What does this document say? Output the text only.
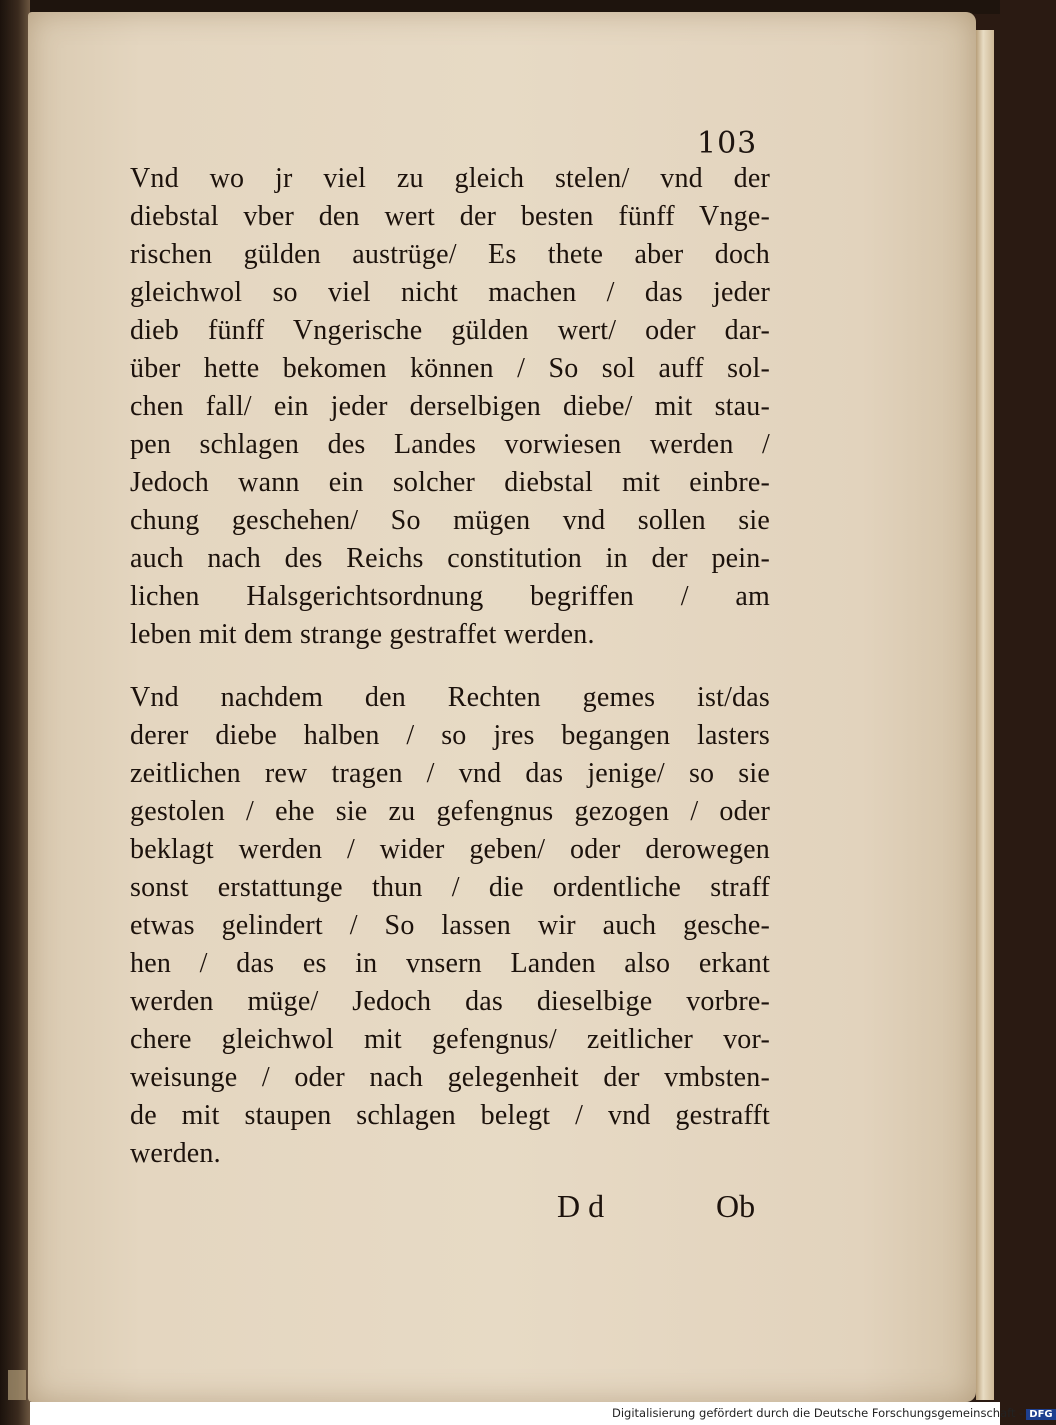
103
Vnd wo jr viel zu gleich stelen/ vnd der
diebstal vber den wert der besten fünff Vnge-
rischen gülden austrüge/ Es thete aber doch
gleichwol so viel nicht machen / das jeder
dieb fünff Vngerische gülden wert/ oder dar-
über hette bekomen können / So sol auff sol-
chen fall/ ein jeder derselbigen diebe/ mit stau-
pen schlagen des Landes vorwiesen werden /
Jedoch wann ein solcher diebstal mit einbre-
chung geschehen/ So mügen vnd sollen sie
auch nach des Reichs constitution in der pein-
lichen Halsgerichtsordnung begriffen / am
leben mit dem strange gestraffet werden.
Vnd nachdem den Rechten gemes ist/das
derer diebe halben / so jres begangen lasters
zeitlichen rew tragen / vnd das jenige/ so sie
gestolen / ehe sie zu gefengnus gezogen / oder
beklagt werden / wider geben/ oder derowegen
sonst erstattunge thun / die ordentliche straff
etwas gelindert / So lassen wir auch gesche-
hen / das es in vnsern Landen also erkant
werden müge/ Jedoch das dieselbige vorbre-
chere gleichwol mit gefengnus/ zeitlicher vor-
weisunge / oder nach gelegenheit der vmbsten-
de mit staupen schlagen belegt / vnd gestrafft
werden.
D d	Ob
Digitalisierung gefördert durch die Deutsche Forschungsgemeinschaft - DFG
